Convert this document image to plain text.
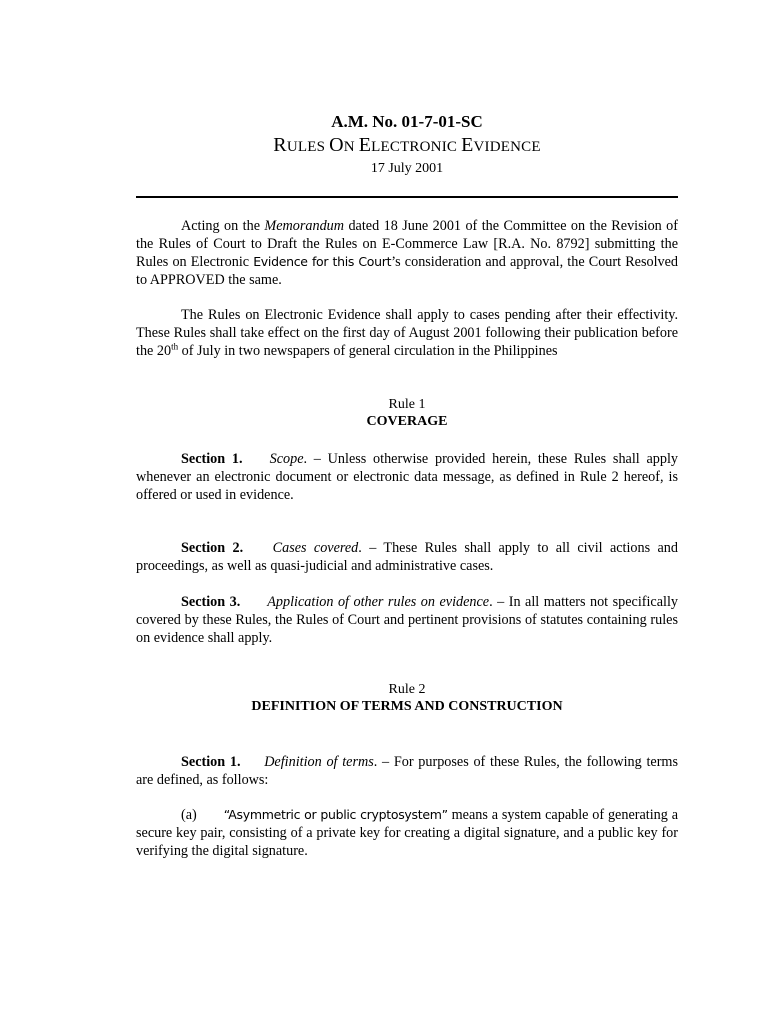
A.M. No. 01-7-01-SC
RULES ON ELECTRONIC EVIDENCE
17 July 2001

Acting on the Memorandum dated 18 June 2001 of the Committee on the Revision of the Rules of Court to Draft the Rules on E-Commerce Law [R.A. No. 8792] submitting the Rules on Electronic Evidence for this Court’s consideration and approval, the Court Resolved to APPROVED the same.

The Rules on Electronic Evidence shall apply to cases pending after their effectivity. These Rules shall take effect on the first day of August 2001 following their publication before the 20th of July in two newspapers of general circulation in the Philippines

Rule 1
COVERAGE

Section 1. Scope. – Unless otherwise provided herein, these Rules shall apply whenever an electronic document or electronic data message, as defined in Rule 2 hereof, is offered or used in evidence.

Section 2. Cases covered. – These Rules shall apply to all civil actions and proceedings, as well as quasi-judicial and administrative cases.

Section 3. Application of other rules on evidence. – In all matters not specifically covered by these Rules, the Rules of Court and pertinent provisions of statutes containing rules on evidence shall apply.

Rule 2
DEFINITION OF TERMS AND CONSTRUCTION

Section 1. Definition of terms. – For purposes of these Rules, the following terms are defined, as follows:

(a) “Asymmetric or public cryptosystem” means a system capable of generating a secure key pair, consisting of a private key for creating a digital signature, and a public key for verifying the digital signature.
